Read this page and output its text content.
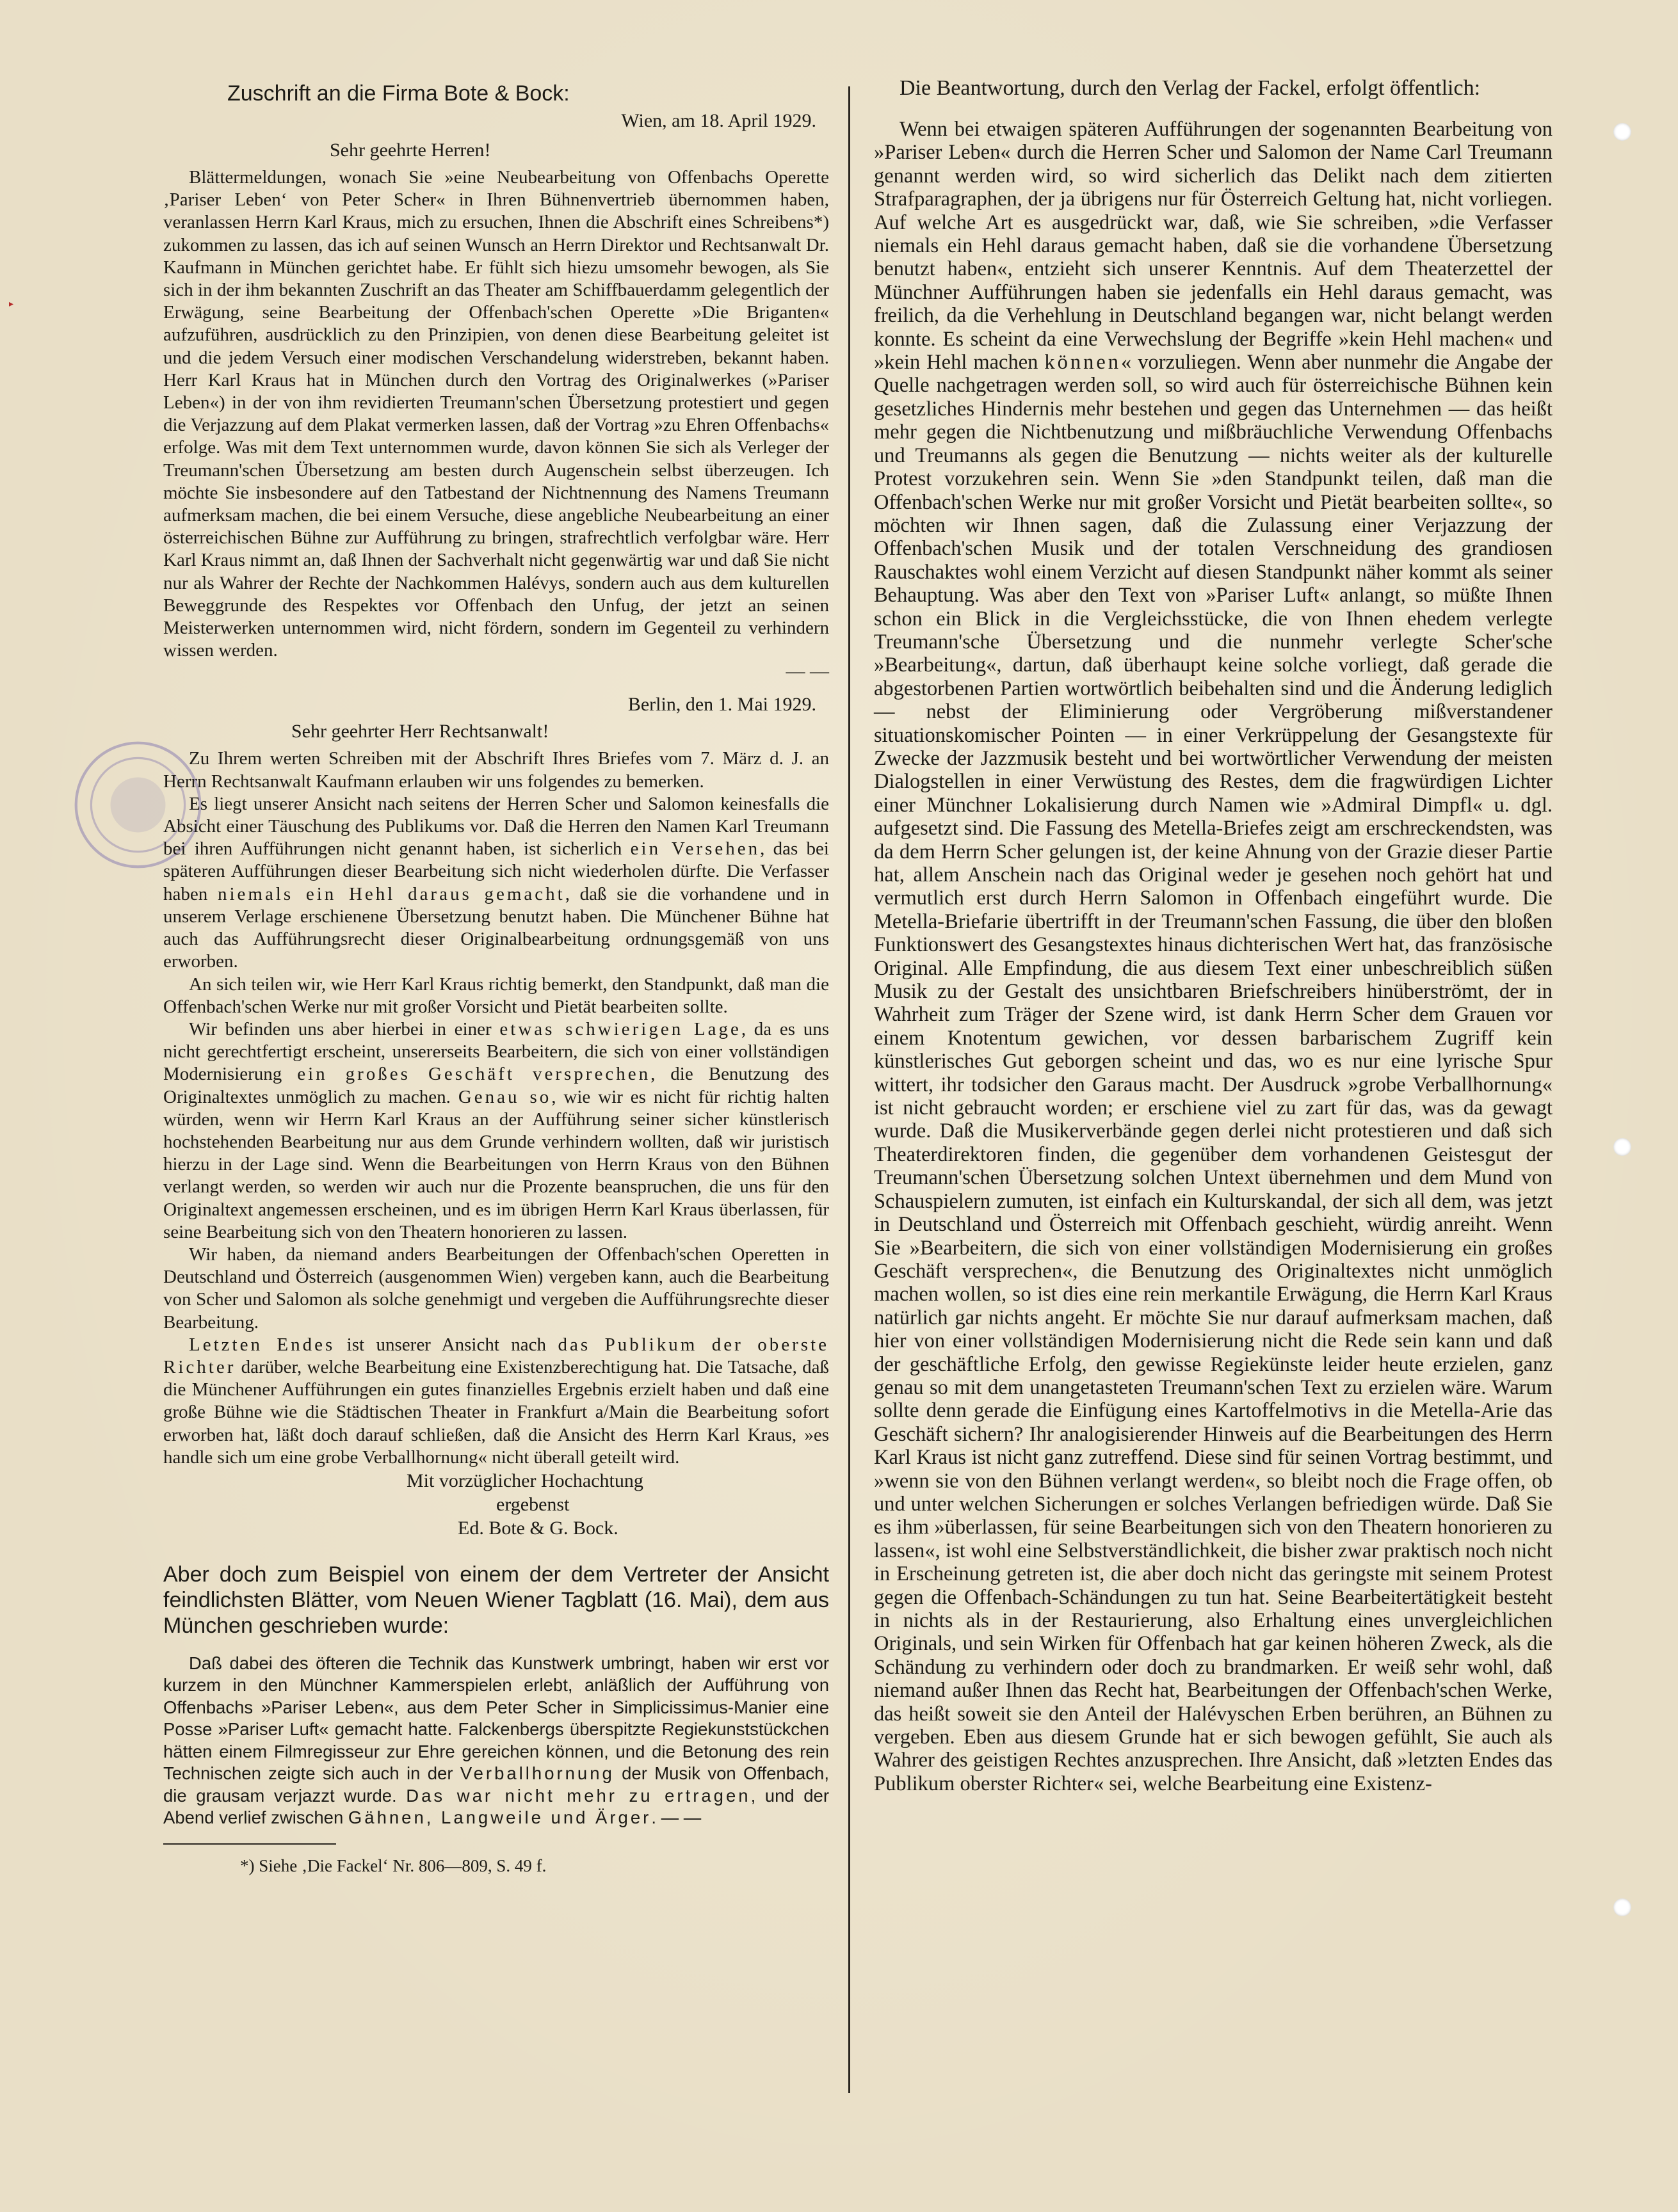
▸
Zuschrift an die Firma Bote & Bock:
Wien, am 18. April 1929.
Sehr geehrte Herren!

Blättermeldungen, wonach Sie »eine Neubearbeitung von Offenbachs Operette ‚Pariser Leben‘ von Peter Scher« in Ihren Bühnenvertrieb übernommen haben, veranlassen Herrn Karl Kraus, mich zu ersuchen, Ihnen die Abschrift eines Schreibens*) zukommen zu lassen, das ich auf seinen Wunsch an Herrn Direktor und Rechtsanwalt Dr. Kaufmann in München gerichtet habe. Er fühlt sich hiezu umsomehr bewogen, als Sie sich in der ihm bekannten Zuschrift an das Theater am Schiffbauerdamm gelegentlich der Erwägung, seine Bearbeitung der Offenbach'schen Operette »Die Briganten« aufzuführen, ausdrücklich zu den Prinzipien, von denen diese Bearbeitung geleitet ist und die jedem Versuch einer modischen Verschandelung widerstreben, bekannt haben. Herr Karl Kraus hat in München durch den Vortrag des Originalwerkes (»Pariser Leben«) in der von ihm revidierten Treumann'schen Übersetzung protestiert und gegen die Verjazzung auf dem Plakat vermerken lassen, daß der Vortrag »zu Ehren Offenbachs« erfolge. Was mit dem Text unternommen wurde, davon können Sie sich als Verleger der Treumann'schen Übersetzung am besten durch Augenschein selbst überzeugen. Ich möchte Sie insbesondere auf den Tatbestand der Nichtnennung des Namens Treumann aufmerksam machen, die bei einem Versuche, diese angebliche Neubearbeitung an einer österreichischen Bühne zur Aufführung zu bringen, strafrechtlich verfolgbar wäre. Herr Karl Kraus nimmt an, daß Ihnen der Sachverhalt nicht gegenwärtig war und daß Sie nicht nur als Wahrer der Rechte der Nachkommen Halévys, sondern auch aus dem kulturellen Beweggrunde des Respektes vor Offenbach den Unfug, der jetzt an seinen Meisterwerken unternommen wird, nicht fördern, sondern im Gegenteil zu verhindern wissen werden.

— —
Berlin, den 1. Mai 1929.
Sehr geehrter Herr Rechtsanwalt!

Zu Ihrem werten Schreiben mit der Abschrift Ihres Briefes vom 7. März d. J. an Herrn Rechtsanwalt Kaufmann erlauben wir uns folgendes zu bemerken.

Es liegt unserer Ansicht nach seitens der Herren Scher und Salomon keinesfalls die Absicht einer Täuschung des Publikums vor. Daß die Herren den Namen Karl Treumann bei ihren Aufführungen nicht genannt haben, ist sicherlich ein Versehen, das bei späteren Aufführungen dieser Bearbeitung sich nicht wiederholen dürfte. Die Verfasser haben niemals ein Hehl daraus gemacht, daß sie die vorhandene und in unserem Verlage erschienene Übersetzung benutzt haben. Die Münchener Bühne hat auch das Aufführungsrecht dieser Originalbearbeitung ordnungsgemäß von uns erworben.

An sich teilen wir, wie Herr Karl Kraus richtig bemerkt, den Standpunkt, daß man die Offenbach'schen Werke nur mit großer Vorsicht und Pietät bearbeiten sollte.

Wir befinden uns aber hierbei in einer etwas schwierigen Lage, da es uns nicht gerechtfertigt erscheint, unsererseits Bearbeitern, die sich von einer vollständigen Modernisierung ein großes Geschäft versprechen, die Benutzung des Originaltextes unmöglich zu machen. Genau so, wie wir es nicht für richtig halten würden, wenn wir Herrn Karl Kraus an der Aufführung seiner sicher künstlerisch hochstehenden Bearbeitung nur aus dem Grunde verhindern wollten, daß wir juristisch hierzu in der Lage sind. Wenn die Bearbeitungen von Herrn Kraus von den Bühnen verlangt werden, so werden wir auch nur die Prozente beanspruchen, die uns für den Originaltext angemessen erscheinen, und es im übrigen Herrn Karl Kraus überlassen, für seine Bearbeitung sich von den Theatern honorieren zu lassen.

Wir haben, da niemand anders Bearbeitungen der Offenbach'schen Operetten in Deutschland und Österreich (ausgenommen Wien) vergeben kann, auch die Bearbeitung von Scher und Salomon als solche genehmigt und vergeben die Aufführungsrechte dieser Bearbeitung.

Letzten Endes ist unserer Ansicht nach das Publikum der oberste Richter darüber, welche Bearbeitung eine Existenzberechtigung hat. Die Tatsache, daß die Münchener Aufführungen ein gutes finanzielles Ergebnis erzielt haben und daß eine große Bühne wie die Städtischen Theater in Frankfurt a/Main die Bearbeitung sofort erworben hat, läßt doch darauf schließen, daß die Ansicht des Herrn Karl Kraus, »es handle sich um eine grobe Verballhornung« nicht überall geteilt wird.

Mit vorzüglicher Hochachtung
ergebenst
Ed. Bote & G. Bock.
Aber doch zum Beispiel von einem der dem Vertreter der Ansicht feindlichsten Blätter, vom Neuen Wiener Tagblatt (16. Mai), dem aus München geschrieben wurde:

Daß dabei des öfteren die Technik das Kunstwerk umbringt, haben wir erst vor kurzem in den Münchner Kammerspielen erlebt, anläßlich der Aufführung von Offenbachs »Pariser Leben«, aus dem Peter Scher in Simplicissimus-Manier eine Posse »Pariser Luft« gemacht hatte. Falckenbergs überspitzte Regiekunststückchen hätten einem Filmregisseur zur Ehre gereichen können, und die Betonung des rein Technischen zeigte sich auch in der Verballhornung der Musik von Offenbach, die grausam verjazzt wurde. Das war nicht mehr zu ertragen, und der Abend verlief zwischen Gähnen, Langweile und Ärger. — —

*) Siehe ‚Die Fackel‘ Nr. 806—809, S. 49 f.
Die Beantwortung, durch den Verlag der Fackel, erfolgt öffentlich:

Wenn bei etwaigen späteren Aufführungen der sogenannten Bearbeitung von »Pariser Leben« durch die Herren Scher und Salomon der Name Carl Treumann genannt werden wird, so wird sicherlich das Delikt nach dem zitierten Strafparagraphen, der ja übrigens nur für Österreich Geltung hat, nicht vorliegen. Auf welche Art es ausgedrückt war, daß, wie Sie schreiben, »die Verfasser niemals ein Hehl daraus gemacht haben, daß sie die vorhandene Übersetzung benutzt haben«, entzieht sich unserer Kenntnis. Auf dem Theaterzettel der Münchner Aufführungen haben sie jedenfalls ein Hehl daraus gemacht, was freilich, da die Verhehlung in Deutschland begangen war, nicht belangt werden konnte. Es scheint da eine Verwechslung der Begriffe »kein Hehl machen« und »kein Hehl machen können« vorzuliegen. Wenn aber nunmehr die Angabe der Quelle nachgetragen werden soll, so wird auch für österreichische Bühnen kein gesetzliches Hindernis mehr bestehen und gegen das Unternehmen — das heißt mehr gegen die Nichtbenutzung und mißbräuchliche Verwendung Offenbachs und Treumanns als gegen die Benutzung — nichts weiter als der kulturelle Protest vorzukehren sein. Wenn Sie »den Standpunkt teilen, daß man die Offenbach'schen Werke nur mit großer Vorsicht und Pietät bearbeiten sollte«, so möchten wir Ihnen sagen, daß die Zulassung einer Verjazzung der Offenbach'schen Musik und der totalen Verschneidung des grandiosen Rauschaktes wohl einem Verzicht auf diesen Standpunkt näher kommt als seiner Behauptung. Was aber den Text von »Pariser Luft« anlangt, so müßte Ihnen schon ein Blick in die Vergleichsstücke, die von Ihnen ehedem verlegte Treumann'sche Übersetzung und die nunmehr verlegte Scher'sche »Bearbeitung«, dartun, daß überhaupt keine solche vorliegt, daß gerade die abgestorbenen Partien wortwörtlich beibehalten sind und die Änderung lediglich — nebst der Eliminierung oder Vergröberung mißverstandener situationskomischer Pointen — in einer Verkrüppelung der Gesangstexte für Zwecke der Jazzmusik besteht und bei wortwörtlicher Verwendung der meisten Dialogstellen in einer Verwüstung des Restes, dem die fragwürdigen Lichter einer Münchner Lokalisierung durch Namen wie »Admiral Dimpfl« u. dgl. aufgesetzt sind. Die Fassung des Metella-Briefes zeigt am erschreckendsten, was da dem Herrn Scher gelungen ist, der keine Ahnung von der Grazie dieser Partie hat, allem Anschein nach das Original weder je gesehen noch gehört hat und vermutlich erst durch Herrn Salomon in Offenbach eingeführt wurde. Die Metella-Briefarie übertrifft in der Treumann'schen Fassung, die über den bloßen Funktionswert des Gesangstextes hinaus dichterischen Wert hat, das französische Original. Alle Empfindung, die aus diesem Text einer unbeschreiblich süßen Musik zu der Gestalt des unsichtbaren Briefschreibers hinüberströmt, der in Wahrheit zum Träger der Szene wird, ist dank Herrn Scher dem Grauen vor einem Knotentum gewichen, vor dessen barbarischem Zugriff kein künstlerisches Gut geborgen scheint und das, wo es nur eine lyrische Spur wittert, ihr todsicher den Garaus macht. Der Ausdruck »grobe Verballhornung« ist nicht gebraucht worden; er erschiene viel zu zart für das, was da gewagt wurde. Daß die Musikerverbände gegen derlei nicht protestieren und daß sich Theaterdirektoren finden, die gegenüber dem vorhandenen Geistesgut der Treumann'schen Übersetzung solchen Untext übernehmen und dem Mund von Schauspielern zumuten, ist einfach ein Kulturskandal, der sich all dem, was jetzt in Deutschland und Österreich mit Offenbach geschieht, würdig anreiht. Wenn Sie »Bearbeitern, die sich von einer vollständigen Modernisierung ein großes Geschäft versprechen«, die Benutzung des Originaltextes nicht unmöglich machen wollen, so ist dies eine rein merkantile Erwägung, die Herrn Karl Kraus natürlich gar nichts angeht. Er möchte Sie nur darauf aufmerksam machen, daß hier von einer vollständigen Modernisierung nicht die Rede sein kann und daß der geschäftliche Erfolg, den gewisse Regiekünste leider heute erzielen, ganz genau so mit dem unangetasteten Treumann'schen Text zu erzielen wäre. Warum sollte denn gerade die Einfügung eines Kartoffelmotivs in die Metella-Arie das Geschäft sichern? Ihr analogisierender Hinweis auf die Bearbeitungen des Herrn Karl Kraus ist nicht ganz zutreffend. Diese sind für seinen Vortrag bestimmt, und »wenn sie von den Bühnen verlangt werden«, so bleibt noch die Frage offen, ob und unter welchen Sicherungen er solches Verlangen befriedigen würde. Daß Sie es ihm »überlassen, für seine Bearbeitungen sich von den Theatern honorieren zu lassen«, ist wohl eine Selbstverständlichkeit, die bisher zwar praktisch noch nicht in Erscheinung getreten ist, die aber doch nicht das geringste mit seinem Protest gegen die Offenbach-Schändungen zu tun hat. Seine Bearbeitertätigkeit besteht in nichts als in der Restaurierung, also Erhaltung eines unvergleichlichen Originals, und sein Wirken für Offenbach hat gar keinen höheren Zweck, als die Schändung zu verhindern oder doch zu brandmarken. Er weiß sehr wohl, daß niemand außer Ihnen das Recht hat, Bearbeitungen der Offenbach'schen Werke, das heißt soweit sie den Anteil der Halévyschen Erben berühren, an Bühnen zu vergeben. Eben aus diesem Grunde hat er sich bewogen gefühlt, Sie auch als Wahrer des geistigen Rechtes anzusprechen. Ihre Ansicht, daß »letzten Endes das Publikum oberster Richter« sei, welche Bearbeitung eine Existenz-
